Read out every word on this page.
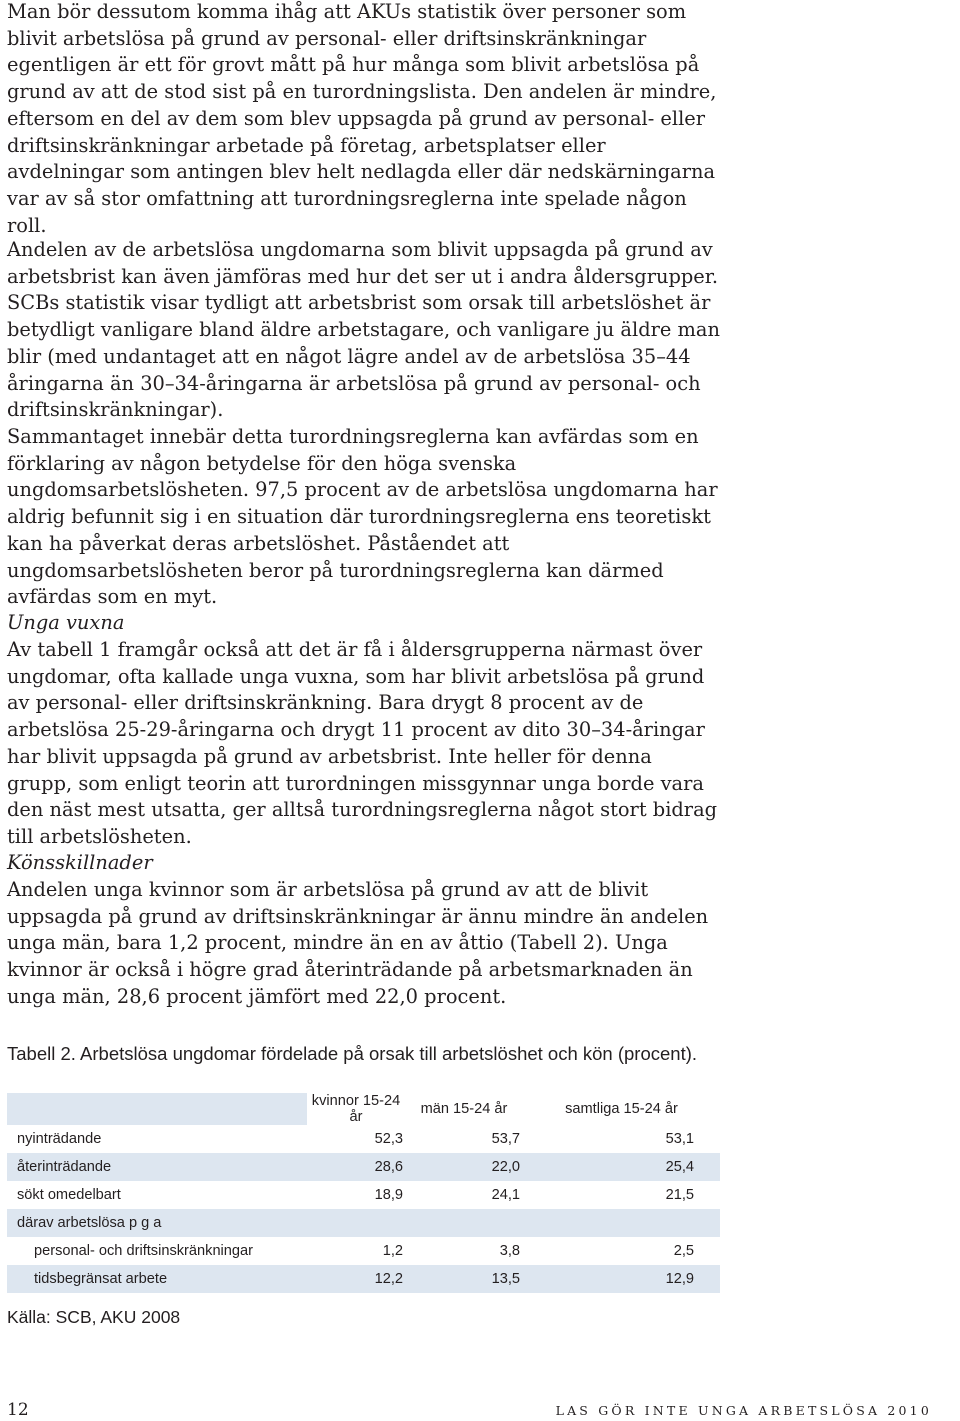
Man bör dessutom komma ihåg att AKUs statistik över personer som blivit arbetslösa på grund av personal- eller driftsinskränkningar egentligen är ett för grovt mått på hur många som blivit arbetslösa på grund av att de stod sist på en turordningslista. Den andelen är mindre, eftersom en del av dem som blev uppsagda på grund av personal- eller driftsinskränkningar arbetade på företag, arbetsplatser eller avdelningar som antingen blev helt nedlagda eller där nedskärningarna var av så stor omfattning att turordningsreglerna inte spelade någon roll.

Andelen av de arbetslösa ungdomarna som blivit uppsagda på grund av arbetsbrist kan även jämföras med hur det ser ut i andra åldersgrupper. SCBs statistik visar tydligt att arbetsbrist som orsak till arbetslöshet är betydligt vanligare bland äldre arbetstagare, och vanligare ju äldre man blir (med undantaget att en något lägre andel av de arbetslösa 35–44 åringarna än 30–34-åringarna är arbetslösa på grund av personal- och driftsinskränkningar).

Sammantaget innebär detta turordningsreglerna kan avfärdas som en förklaring av någon betydelse för den höga svenska ungdomsarbetslösheten. 97,5 procent av de arbetslösa ungdomarna har aldrig befunnit sig i en situation där turordningsreglerna ens teoretiskt kan ha påverkat deras arbetslöshet. Påståendet att ungdomsarbetslösheten beror på turordningsreglerna kan därmed avfärdas som en myt.

Unga vuxna

Av tabell 1 framgår också att det är få i åldersgrupperna närmast över ungdomar, ofta kallade unga vuxna, som har blivit arbetslösa på grund av personal- eller driftsinskränkning. Bara drygt 8 procent av de arbetslösa 25-29-åringarna och drygt 11 procent av dito 30–34-åringar har blivit uppsagda på grund av arbetsbrist. Inte heller för denna grupp, som enligt teorin att turordningen missgynnar unga borde vara den näst mest utsatta, ger alltså turordningsreglerna något stort bidrag till arbetslösheten.

Könsskillnader

Andelen unga kvinnor som är arbetslösa på grund av att de blivit uppsagda på grund av driftsinskränkningar är ännu mindre än andelen unga män, bara 1,2 procent, mindre än en av åttio (Tabell 2). Unga kvinnor är också i högre grad återinträdande på arbetsmarknaden än unga män, 28,6 procent jämfört med 22,0 procent.

Tabell 2. Arbetslösa ungdomar fördelade på orsak till arbetslöshet och kön (procent).

	kvinnor 15-24 år	män 15-24 år	samtliga 15-24 år
nyinträdande	52,3	53,7	53,1
återinträdande	28,6	22,0	25,4
sökt omedelbart	18,9	24,1	21,5
därav arbetslösa p g a			
personal- och driftsinskränkningar	1,2	3,8	2,5
tidsbegränsat arbete	12,2	13,5	12,9

Källa: SCB, AKU 2008

12	LAS GÖR INTE UNGA ARBETSLÖSA 2010
